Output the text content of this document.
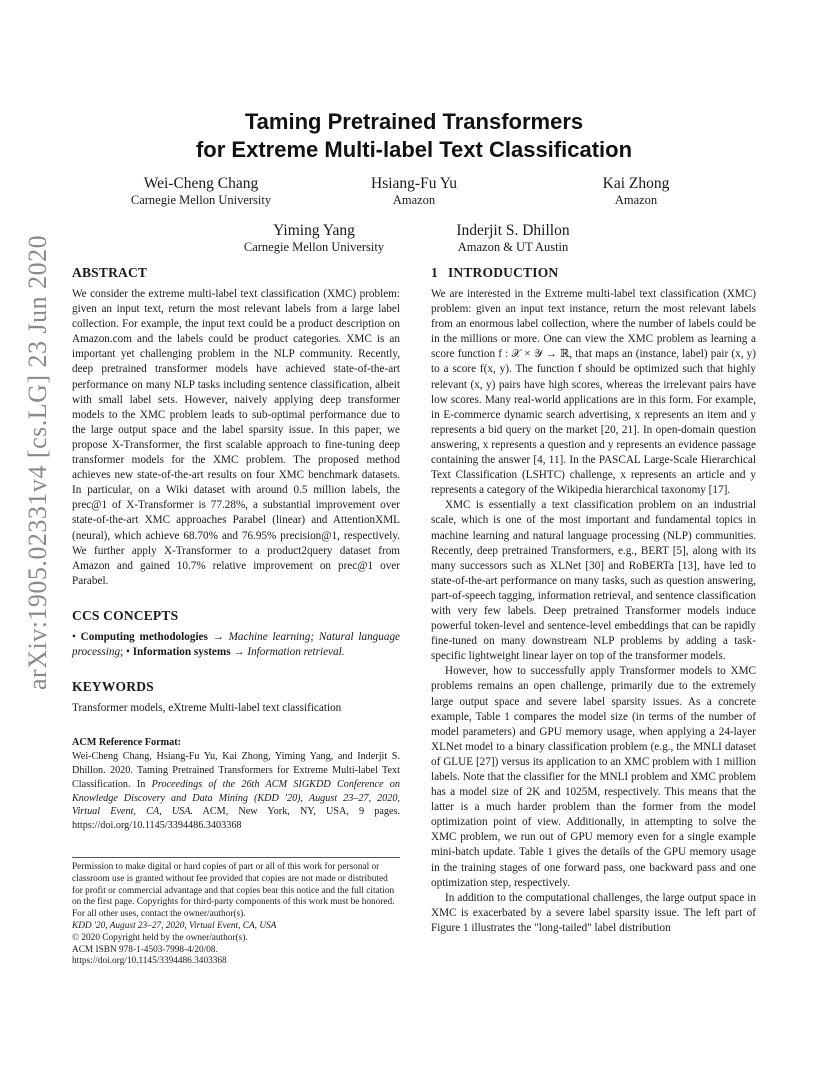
arXiv:1905.02331v4 [cs.LG] 23 Jun 2020
Taming Pretrained Transformers
for Extreme Multi-label Text Classification
Wei-Cheng Chang
Carnegie Mellon University
Hsiang-Fu Yu
Amazon
Kai Zhong
Amazon
Yiming Yang
Carnegie Mellon University
Inderjit S. Dhillon
Amazon & UT Austin
ABSTRACT

We consider the extreme multi-label text classification (XMC) problem: given an input text, return the most relevant labels from a large label collection. For example, the input text could be a product description on Amazon.com and the labels could be product categories. XMC is an important yet challenging problem in the NLP community. Recently, deep pretrained transformer models have achieved state-of-the-art performance on many NLP tasks including sentence classification, albeit with small label sets. However, naively applying deep transformer models to the XMC problem leads to sub-optimal performance due to the large output space and the label sparsity issue. In this paper, we propose X-Transformer, the first scalable approach to fine-tuning deep transformer models for the XMC problem. The proposed method achieves new state-of-the-art results on four XMC benchmark datasets. In particular, on a Wiki dataset with around 0.5 million labels, the prec@1 of X-Transformer is 77.28%, a substantial improvement over state-of-the-art XMC approaches Parabel (linear) and AttentionXML (neural), which achieve 68.70% and 76.95% precision@1, respectively. We further apply X-Transformer to a product2query dataset from Amazon and gained 10.7% relative improvement on prec@1 over Parabel.

CCS CONCEPTS

• Computing methodologies → Machine learning; Natural language processing; • Information systems → Information retrieval.

KEYWORDS

Transformer models, eXtreme Multi-label text classification

ACM Reference Format:

Wei-Cheng Chang, Hsiang-Fu Yu, Kai Zhong, Yiming Yang, and Inderjit S. Dhillon. 2020. Taming Pretrained Transformers for Extreme Multi-label Text Classification. In Proceedings of the 26th ACM SIGKDD Conference on Knowledge Discovery and Data Mining (KDD '20), August 23–27, 2020, Virtual Event, CA, USA. ACM, New York, NY, USA, 9 pages. https://doi.org/10.1145/3394486.3403368

Permission to make digital or hard copies of part or all of this work for personal or classroom use is granted without fee provided that copies are not made or distributed for profit or commercial advantage and that copies bear this notice and the full citation on the first page. Copyrights for third-party components of this work must be honored. For all other uses, contact the owner/author(s).
KDD '20, August 23–27, 2020, Virtual Event, CA, USA
© 2020 Copyright held by the owner/author(s).
ACM ISBN 978-1-4503-7998-4/20/08.
https://doi.org/10.1145/3394486.3403368
1 INTRODUCTION

We are interested in the Extreme multi-label text classification (XMC) problem: given an input text instance, return the most relevant labels from an enormous label collection, where the number of labels could be in the millions or more. One can view the XMC problem as learning a score function f : 𝒳 × 𝒴 → ℝ, that maps an (instance, label) pair (x, y) to a score f(x, y). The function f should be optimized such that highly relevant (x, y) pairs have high scores, whereas the irrelevant pairs have low scores. Many real-world applications are in this form. For example, in E-commerce dynamic search advertising, x represents an item and y represents a bid query on the market [20, 21]. In open-domain question answering, x represents a question and y represents an evidence passage containing the answer [4, 11]. In the PASCAL Large-Scale Hierarchical Text Classification (LSHTC) challenge, x represents an article and y represents a category of the Wikipedia hierarchical taxonomy [17].

XMC is essentially a text classification problem on an industrial scale, which is one of the most important and fundamental topics in machine learning and natural language processing (NLP) communities. Recently, deep pretrained Transformers, e.g., BERT [5], along with its many successors such as XLNet [30] and RoBERTa [13], have led to state-of-the-art performance on many tasks, such as question answering, part-of-speech tagging, information retrieval, and sentence classification with very few labels. Deep pretrained Transformer models induce powerful token-level and sentence-level embeddings that can be rapidly fine-tuned on many downstream NLP problems by adding a task-specific lightweight linear layer on top of the transformer models.

However, how to successfully apply Transformer models to XMC problems remains an open challenge, primarily due to the extremely large output space and severe label sparsity issues. As a concrete example, Table 1 compares the model size (in terms of the number of model parameters) and GPU memory usage, when applying a 24-layer XLNet model to a binary classification problem (e.g., the MNLI dataset of GLUE [27]) versus its application to an XMC problem with 1 million labels. Note that the classifier for the MNLI problem and XMC problem has a model size of 2K and 1025M, respectively. This means that the latter is a much harder problem than the former from the model optimization point of view. Additionally, in attempting to solve the XMC problem, we run out of GPU memory even for a single example mini-batch update. Table 1 gives the details of the GPU memory usage in the training stages of one forward pass, one backward pass and one optimization step, respectively.

In addition to the computational challenges, the large output space in XMC is exacerbated by a severe label sparsity issue. The left part of Figure 1 illustrates the "long-tailed" label distribution
